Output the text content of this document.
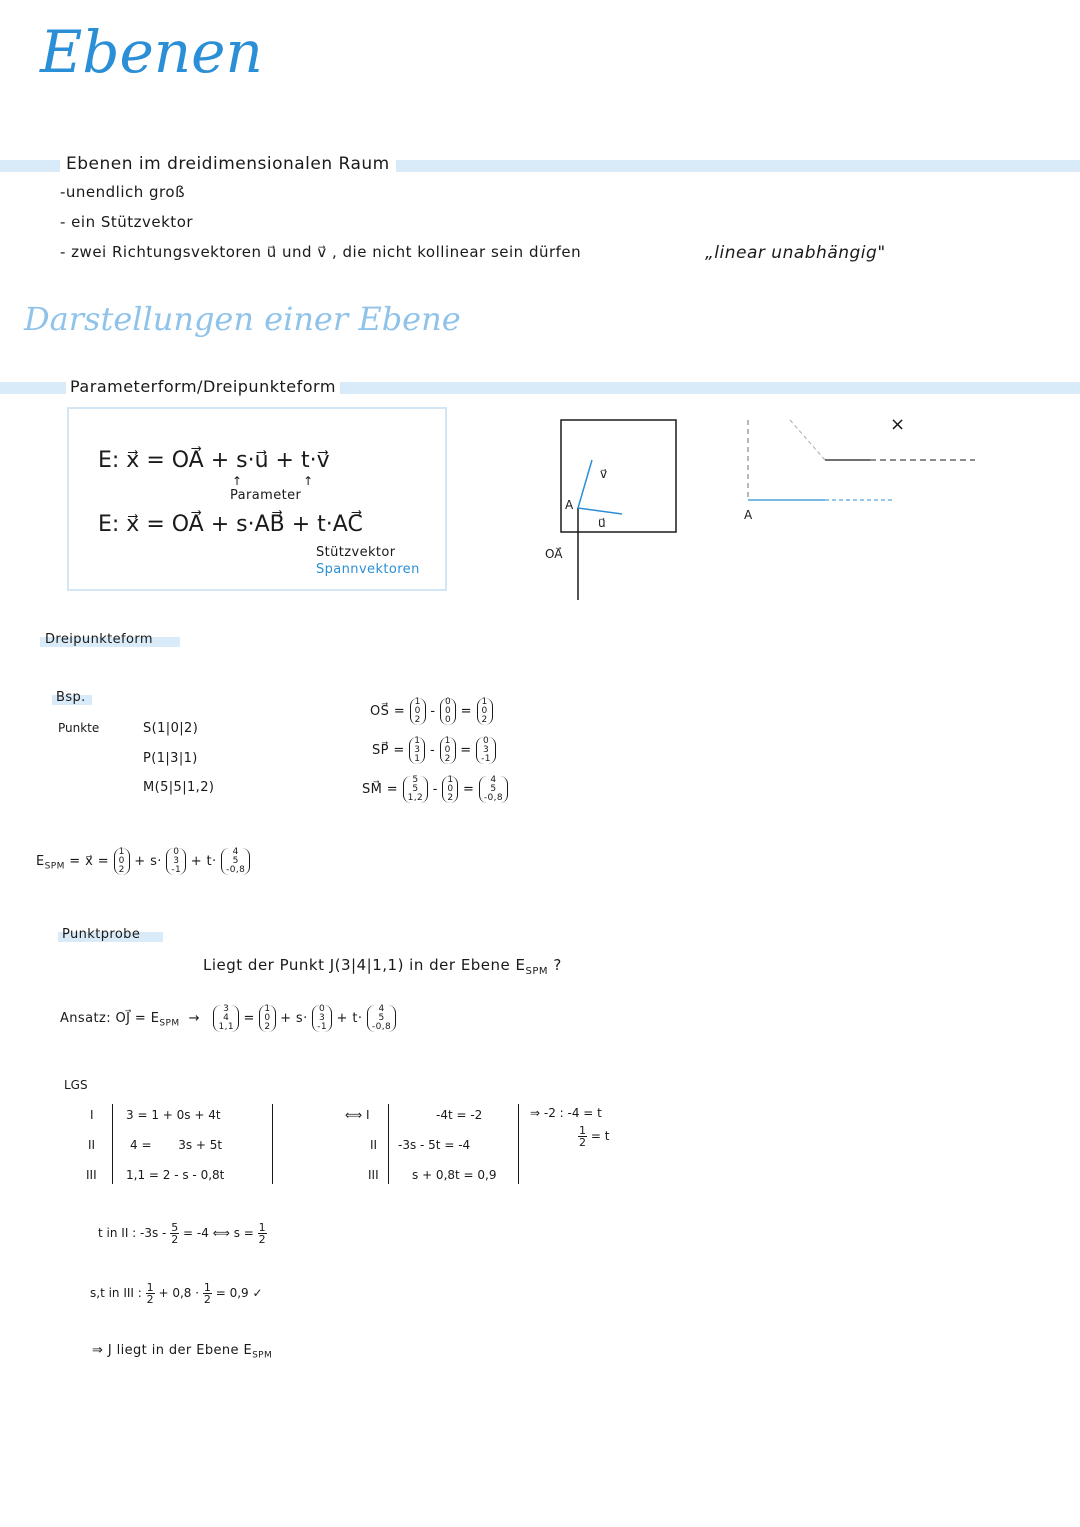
Ebenen
Ebenen im dreidimensionalen Raum
-unendlich groß
- ein Stützvektor
- zwei Richtungsvektoren u⃗ und v⃗ , die nicht kollinear sein dürfen	„linear unabhängig"
Darstellungen einer Ebene
Parameterform/Dreipunkteform
E: x⃗ = OA⃗ + s·u⃗ + t·v⃗
↑                ↑
Parameter
E: x⃗ = OA⃗ + s·AB⃗ + t·AC⃗
Stützvektor
Spannvektoren
OA⃗
A
u⃗
v⃗
A
×
Dreipunkteform
Bsp.
Punkte	S(1|0|2)
P(1|3|1)
M(5|5|1,2)
OS⃗ =
1
0
2
-
0
0
0
=
1
0
2
SP⃗ =
1
3
1
-
1
0
2
=
0
3
-1
SM⃗ =
5
5
1,2
-
1
0
2
=
4
5
-0,8
$E_{SPM}$ = x⃗ =
1
0
2
+ s·
0
3
-1
+ t·
4
5
-0,8
Punktprobe
Liegt der Punkt J(3|4|1,1) in der Ebene $E_{SPM}$ ?
Ansatz: OJ⃗ = $E_{SPM}$ →
3
4
1,1
=
1
0
2
+ s·
0
3
-1
+ t·
4
5
-0,8
LGS
I
II
III
3 = 1 + 0s + 4t
4 =       3s + 5t
1,1 = 2 - s - 0,8t
⟺ I
II
III
-4t = -2
-3s - 5t = -4
s + 0,8t = 0,9
⇒ -2 : -4 = t
$\frac{1}{2} = t$
t in II : $-3s - \frac{5}{2} = -4$ ⟺ $s = \frac{1}{2}$
s,t in III : $\frac{1}{2} + 0,8 \cdot \frac{1}{2} = 0,9$ ✓
⇒ J liegt in der Ebene $E_{SPM}$
